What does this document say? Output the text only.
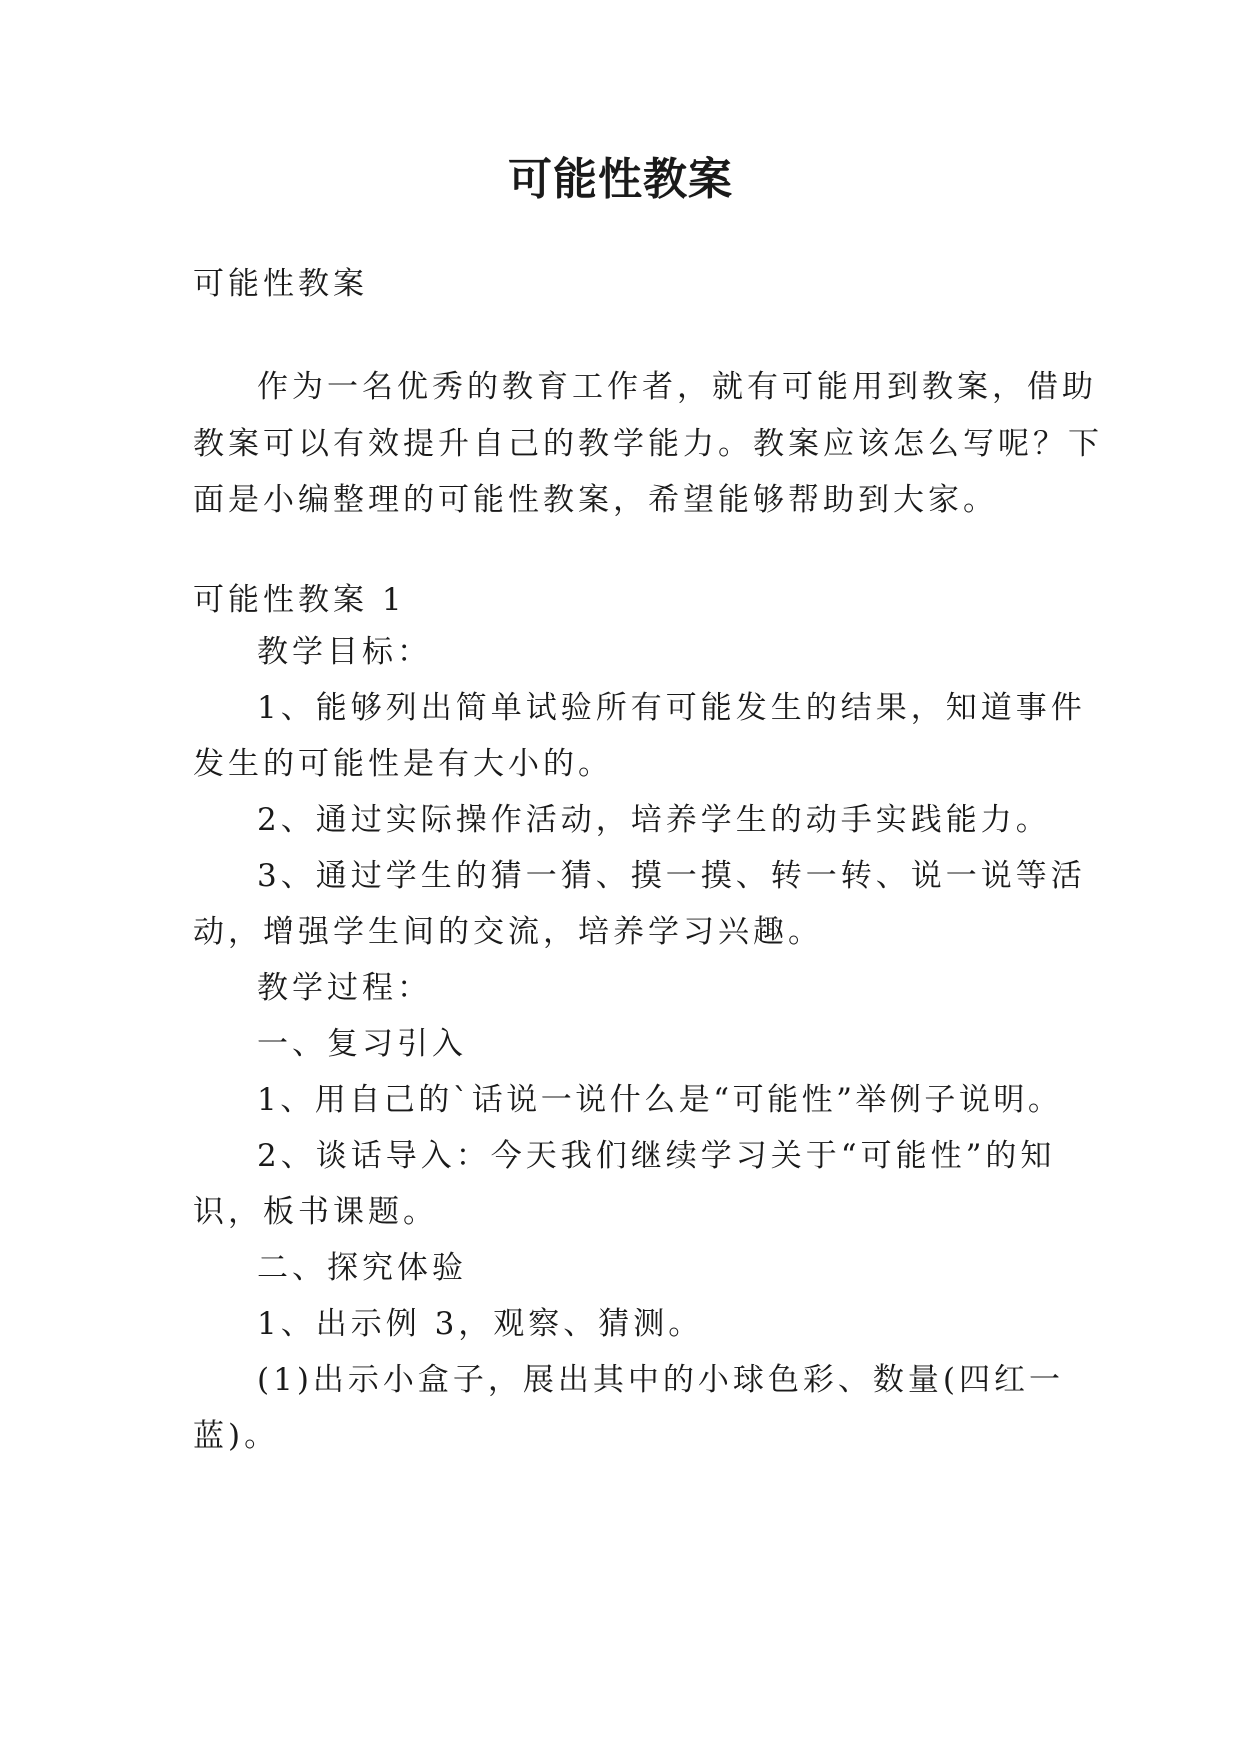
可能性教案

可能性教案

作为一名优秀的教育工作者，就有可能用到教案，借助

教案可以有效提升自己的教学能力。教案应该怎么写呢？下

面是小编整理的可能性教案，希望能够帮助到大家。

可能性教案 1

教学目标：

1、能够列出简单试验所有可能发生的结果，知道事件

发生的可能性是有大小的。

2、通过实际操作活动，培养学生的动手实践能力。

3、通过学生的猜一猜、摸一摸、转一转、说一说等活

动，增强学生间的交流，培养学习兴趣。

教学过程：

一、复习引入

1、用自己的`话说一说什么是“可能性”举例子说明。

2、谈话导入：今天我们继续学习关于“可能性”的知

识，板书课题。

二、探究体验

1、出示例 3，观察、猜测。

(1)出示小盒子，展出其中的小球色彩、数量(四红一

蓝)。
